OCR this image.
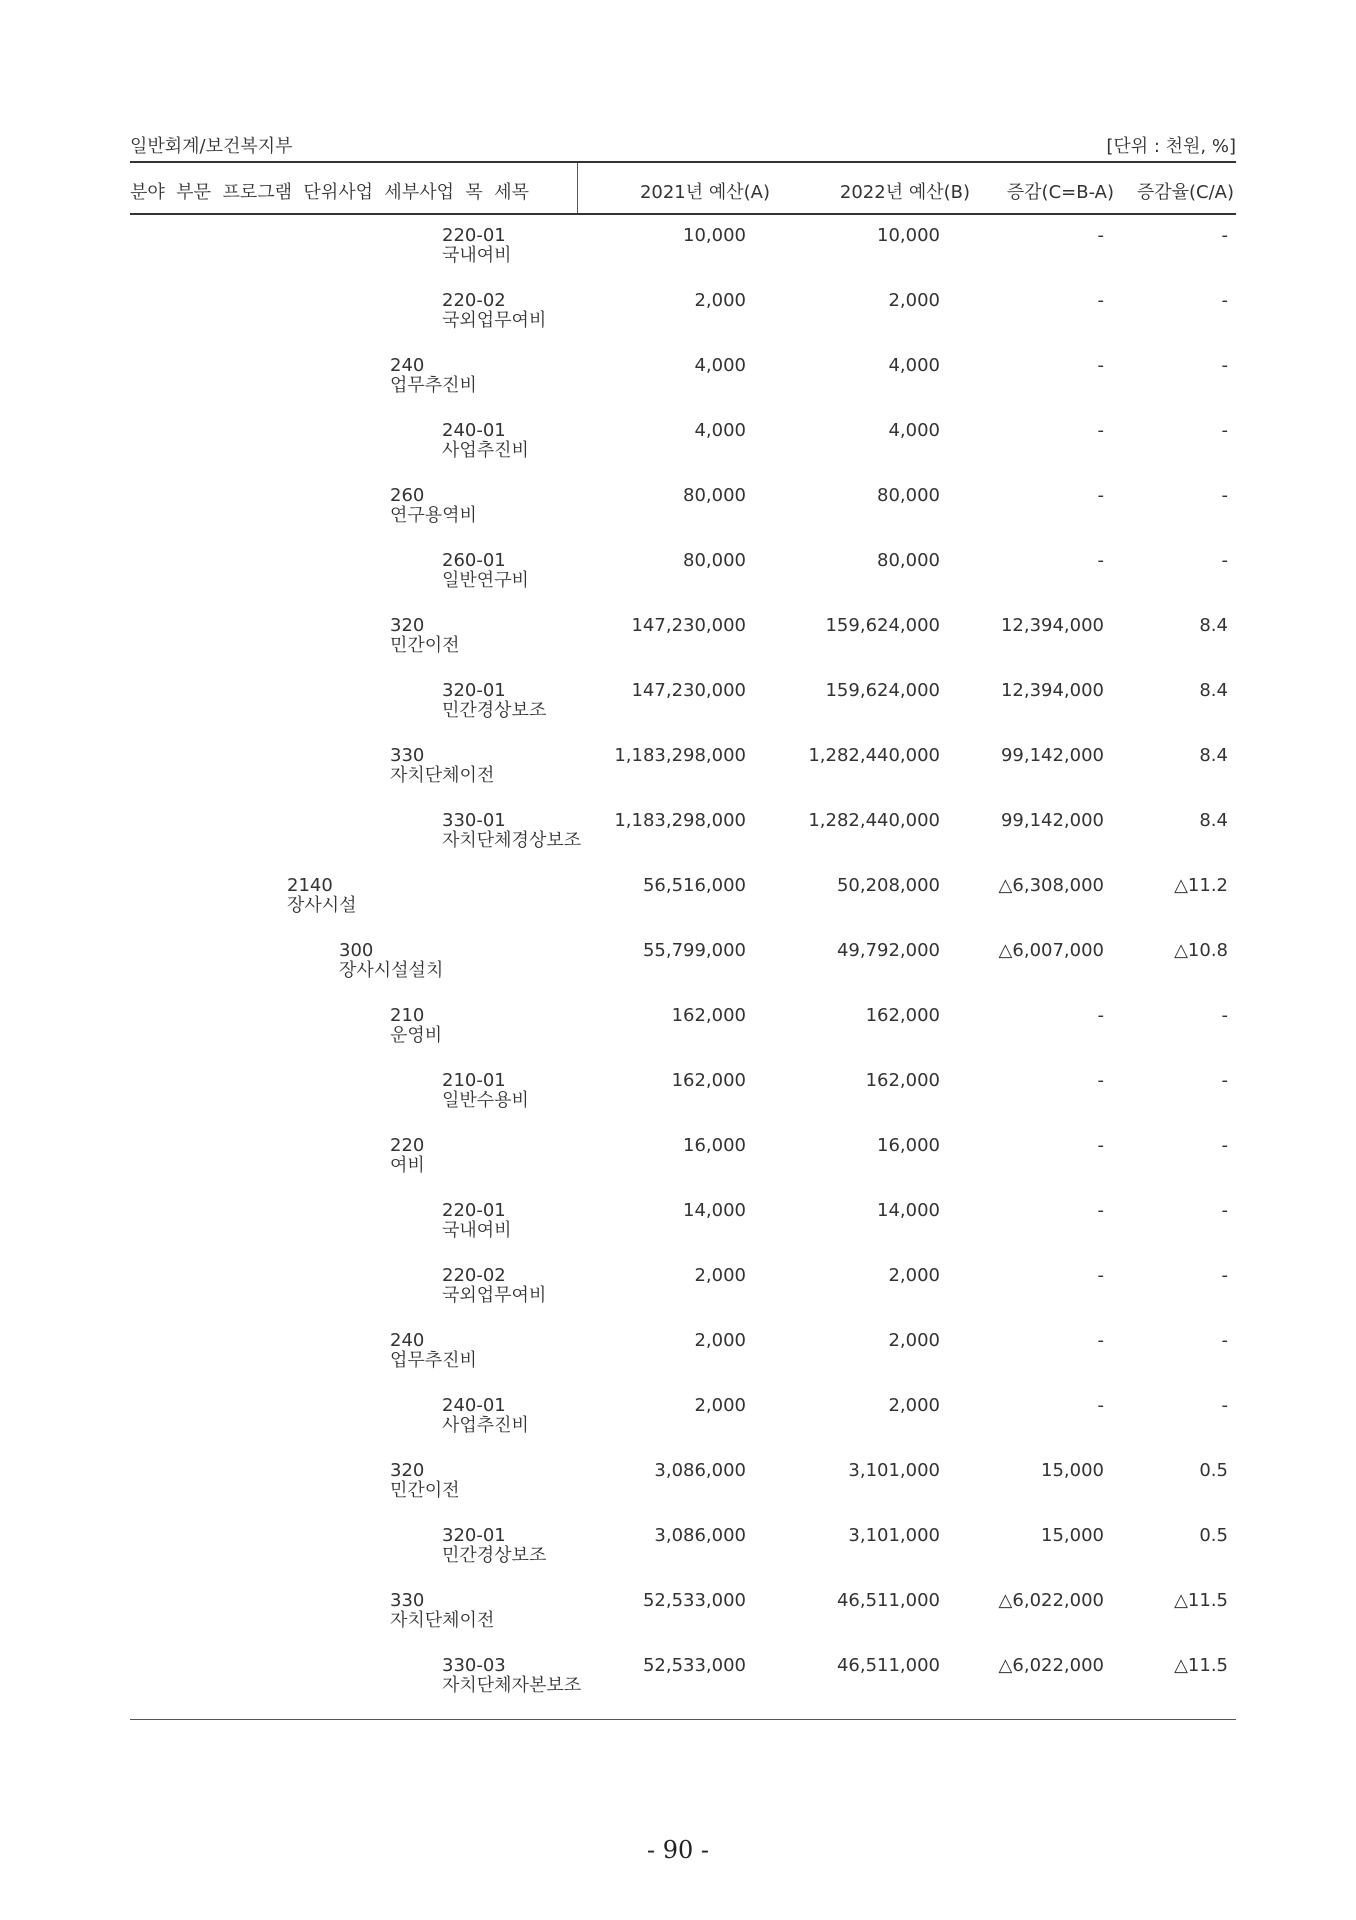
일반회계/보건복지부	[단위 : 천원, %]
분야  부문  프로그램  단위사업  세부사업  목  세목	2021년 예산(A)	2022년 예산(B) 증감(C=B-A) 증감율(C/A)
220-01
국내여비
10,000	10,000	-	-
220-02
국외업무여비
2,000	2,000	-	-
240
업무추진비
4,000	4,000	-	-
240-01
사업추진비
4,000	4,000	-	-
260
연구용역비
80,000	80,000	-	-
260-01
일반연구비
80,000	80,000	-	-
320
민간이전
147,230,000	159,624,000	12,394,000	8.4
320-01
민간경상보조
147,230,000	159,624,000	12,394,000	8.4
330
자치단체이전
1,183,298,000	1,282,440,000	99,142,000	8.4
330-01
자치단체경상보조
1,183,298,000	1,282,440,000	99,142,000	8.4
2140
장사시설
56,516,000	50,208,000	△6,308,000	△11.2
300
장사시설설치
55,799,000	49,792,000	△6,007,000	△10.8
210
운영비
162,000	162,000	-	-
210-01
일반수용비
162,000	162,000	-	-
220
여비
16,000	16,000	-	-
220-01
국내여비
14,000	14,000	-	-
220-02
국외업무여비
2,000	2,000	-	-
240
업무추진비
2,000	2,000	-	-
240-01
사업추진비
2,000	2,000	-	-
320
민간이전
3,086,000	3,101,000	15,000	0.5
320-01
민간경상보조
3,086,000	3,101,000	15,000	0.5
330
자치단체이전
52,533,000	46,511,000	△6,022,000	△11.5
330-03
자치단체자본보조
52,533,000	46,511,000	△6,022,000	△11.5
- 90 -
